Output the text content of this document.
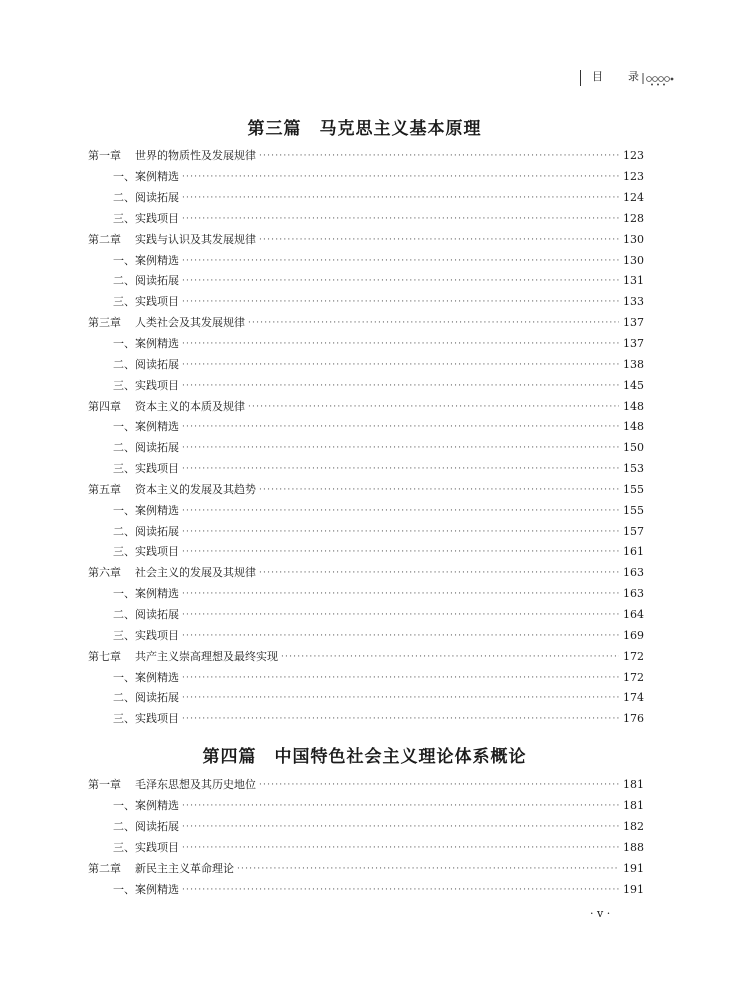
目 录
第三篇　马克思主义基本原理
第一章 世界的物质性及发展规律 ·····	123
一、案例精选 ·····	123
二、阅读拓展 ·····	124
三、实践项目 ·····	128
第二章 实践与认识及其发展规律 ·····	130
一、案例精选 ·····	130
二、阅读拓展 ·····	131
三、实践项目 ·····	133
第三章 人类社会及其发展规律 ·····	137
一、案例精选 ·····	137
二、阅读拓展 ·····	138
三、实践项目 ·····	145
第四章 资本主义的本质及规律 ·····	148
一、案例精选 ·····	148
二、阅读拓展 ·····	150
三、实践项目 ·····	153
第五章 资本主义的发展及其趋势 ·····	155
一、案例精选 ·····	155
二、阅读拓展 ·····	157
三、实践项目 ·····	161
第六章 社会主义的发展及其规律 ·····	163
一、案例精选 ·····	163
二、阅读拓展 ·····	164
三、实践项目 ·····	169
第七章 共产主义崇高理想及最终实现 ·····	172
一、案例精选 ·····	172
二、阅读拓展 ·····	174
三、实践项目 ·····	176
第四篇　中国特色社会主义理论体系概论
第一章 毛泽东思想及其历史地位 ·····	181
一、案例精选 ·····	181
二、阅读拓展 ·····	182
三、实践项目 ·····	188
第二章 新民主主义革命理论 ·····	191
一、案例精选 ·····	191
· v ·
